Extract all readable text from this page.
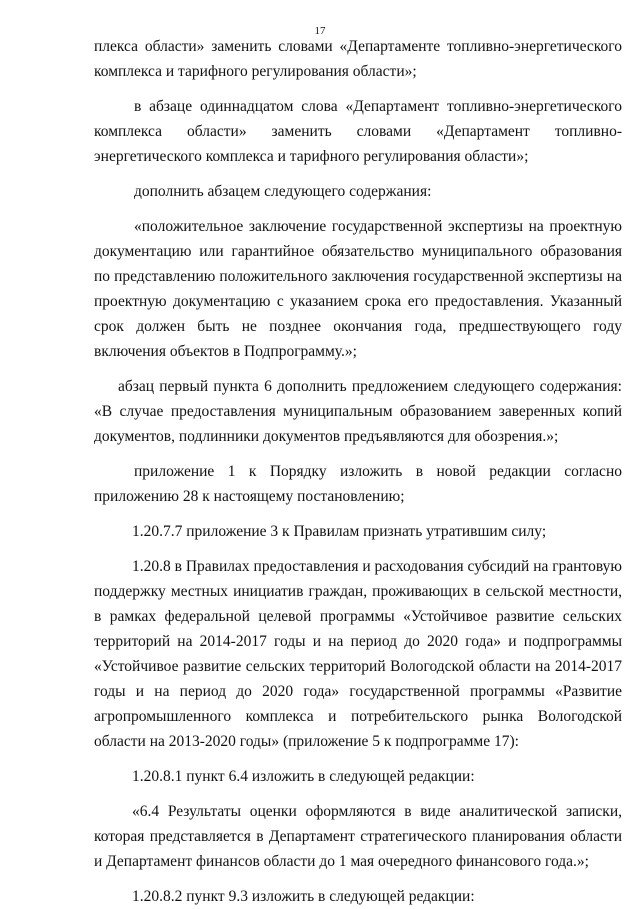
17

плекса области» заменить словами «Департаменте топливно-энергетического комплекса и тарифного регулирования области»;

в абзаце одиннадцатом слова «Департамент топливно-энергетического комплекса области» заменить словами «Департамент топливно-энергетического комплекса и тарифного регулирования области»;

дополнить абзацем следующего содержания:

«положительное заключение государственной экспертизы на проектную документацию или гарантийное обязательство муниципального образования по представлению положительного заключения государственной экспертизы на проектную документацию с указанием срока его предоставления. Указанный срок должен быть не позднее окончания года, предшествующего году включения объектов в Подпрограмму.»;

абзац первый пункта 6 дополнить предложением следующего содержания: «В случае предоставления муниципальным образованием заверенных копий документов, подлинники документов предъявляются для обозрения.»;

приложение 1 к Порядку изложить в новой редакции согласно приложению 28 к настоящему постановлению;

1.20.7.7 приложение 3 к Правилам признать утратившим силу;

1.20.8 в Правилах предоставления и расходования субсидий на грантовую поддержку местных инициатив граждан, проживающих в сельской местности, в рамках федеральной целевой программы «Устойчивое развитие сельских территорий на 2014-2017 годы и на период до 2020 года» и подпрограммы «Устойчивое развитие сельских территорий Вологодской области на 2014-2017 годы и на период до 2020 года» государственной программы «Развитие агропромышленного комплекса и потребительского рынка Вологодской области на 2013-2020 годы» (приложение 5 к подпрограмме 17):

1.20.8.1 пункт 6.4 изложить в следующей редакции:

«6.4 Результаты оценки оформляются в виде аналитической записки, которая представляется в Департамент стратегического планирования области и Департамент финансов области до 1 мая очередного финансового года.»;

1.20.8.2 пункт 9.3 изложить в следующей редакции:
